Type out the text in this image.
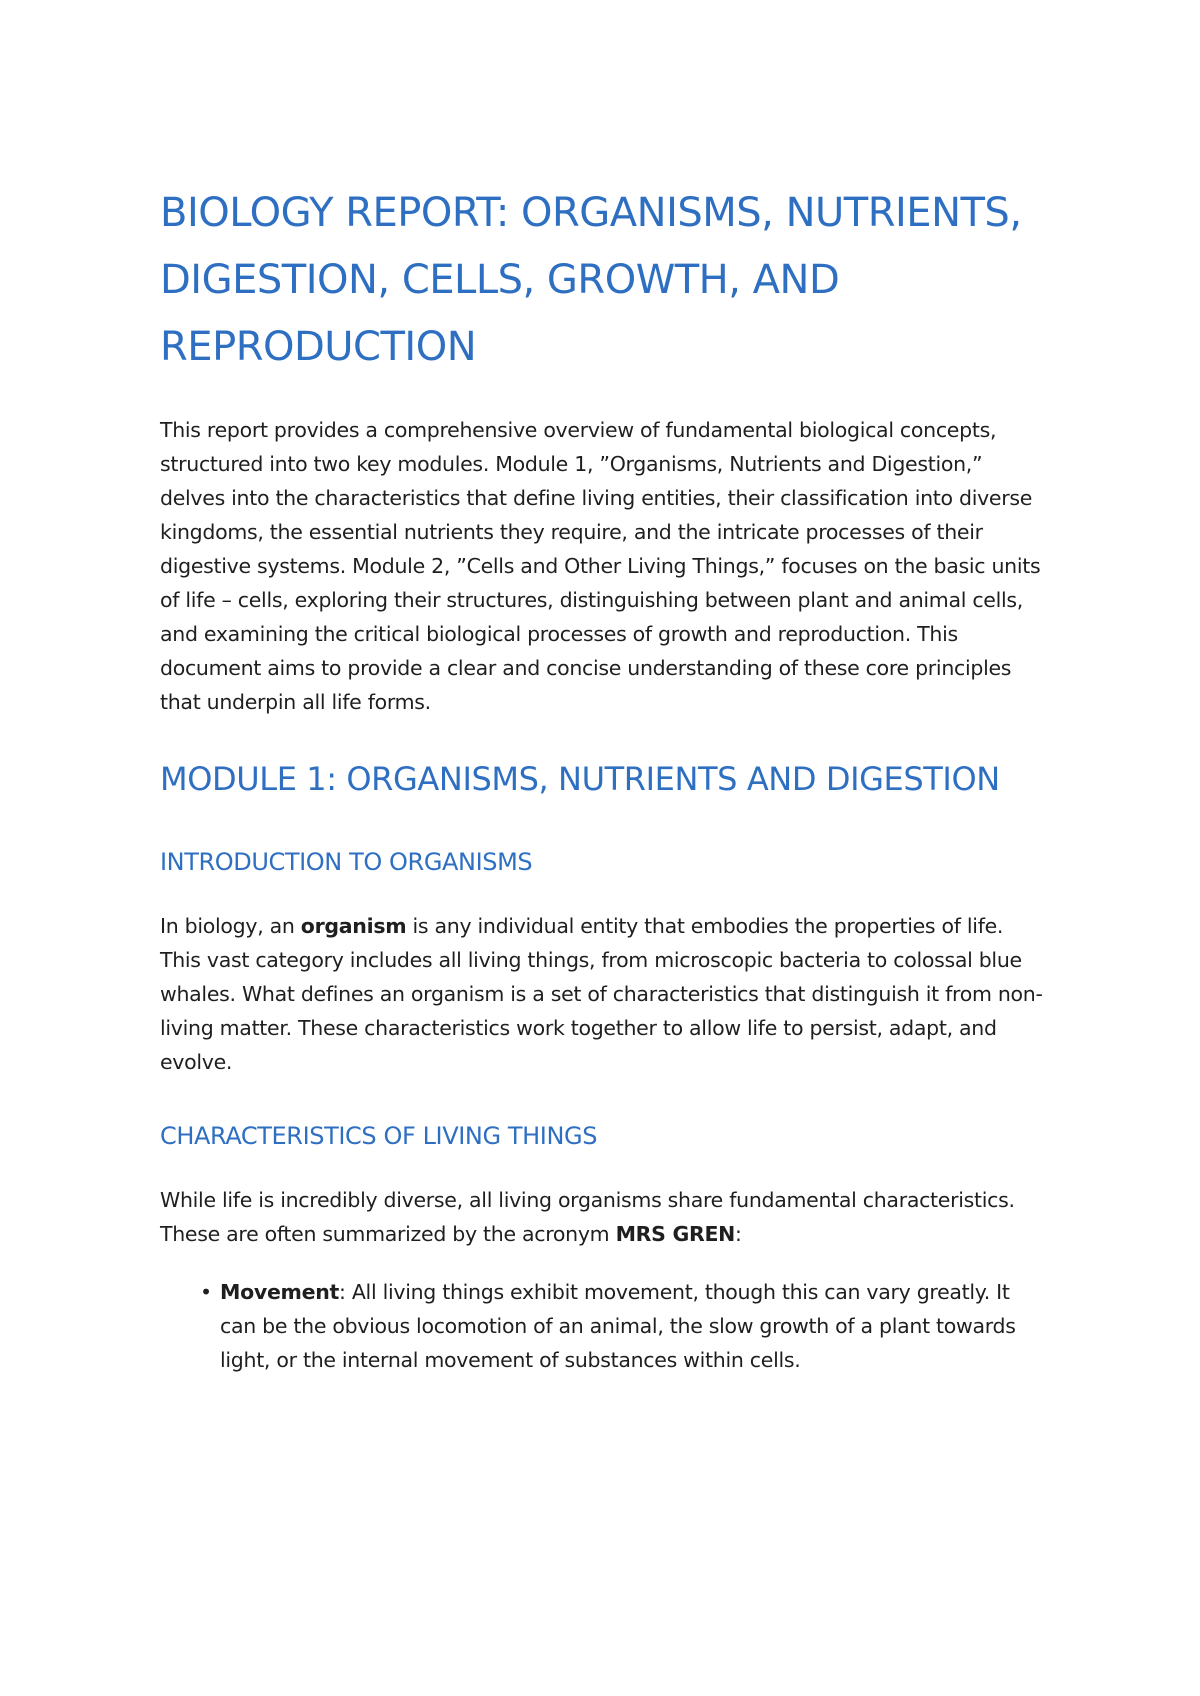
BIOLOGY REPORT: ORGANISMS, NUTRIENTS, DIGESTION, CELLS, GROWTH, AND REPRODUCTION

This report provides a comprehensive overview of fundamental biological concepts, structured into two key modules. Module 1, ”Organisms, Nutrients and Digestion,” delves into the characteristics that define living entities, their classification into diverse kingdoms, the essential nutrients they require, and the intricate processes of their digestive systems. Module 2, ”Cells and Other Living Things,” focuses on the basic units of life – cells, exploring their structures, distinguishing between plant and animal cells, and examining the critical biological processes of growth and reproduction. This document aims to provide a clear and concise understanding of these core principles that underpin all life forms.

MODULE 1: ORGANISMS, NUTRIENTS AND DIGESTION
INTRODUCTION TO ORGANISMS

In biology, an organism is any individual entity that embodies the properties of life. This vast category includes all living things, from microscopic bacteria to colossal blue whales. What defines an organism is a set of characteristics that distinguish it from non-living matter. These characteristics work together to allow life to persist, adapt, and evolve.

CHARACTERISTICS OF LIVING THINGS

While life is incredibly diverse, all living organisms share fundamental characteristics. These are often summarized by the acronym MRS GREN:

• Movement: All living things exhibit movement, though this can vary greatly. It can be the obvious locomotion of an animal, the slow growth of a plant towards light, or the internal movement of substances within cells.
